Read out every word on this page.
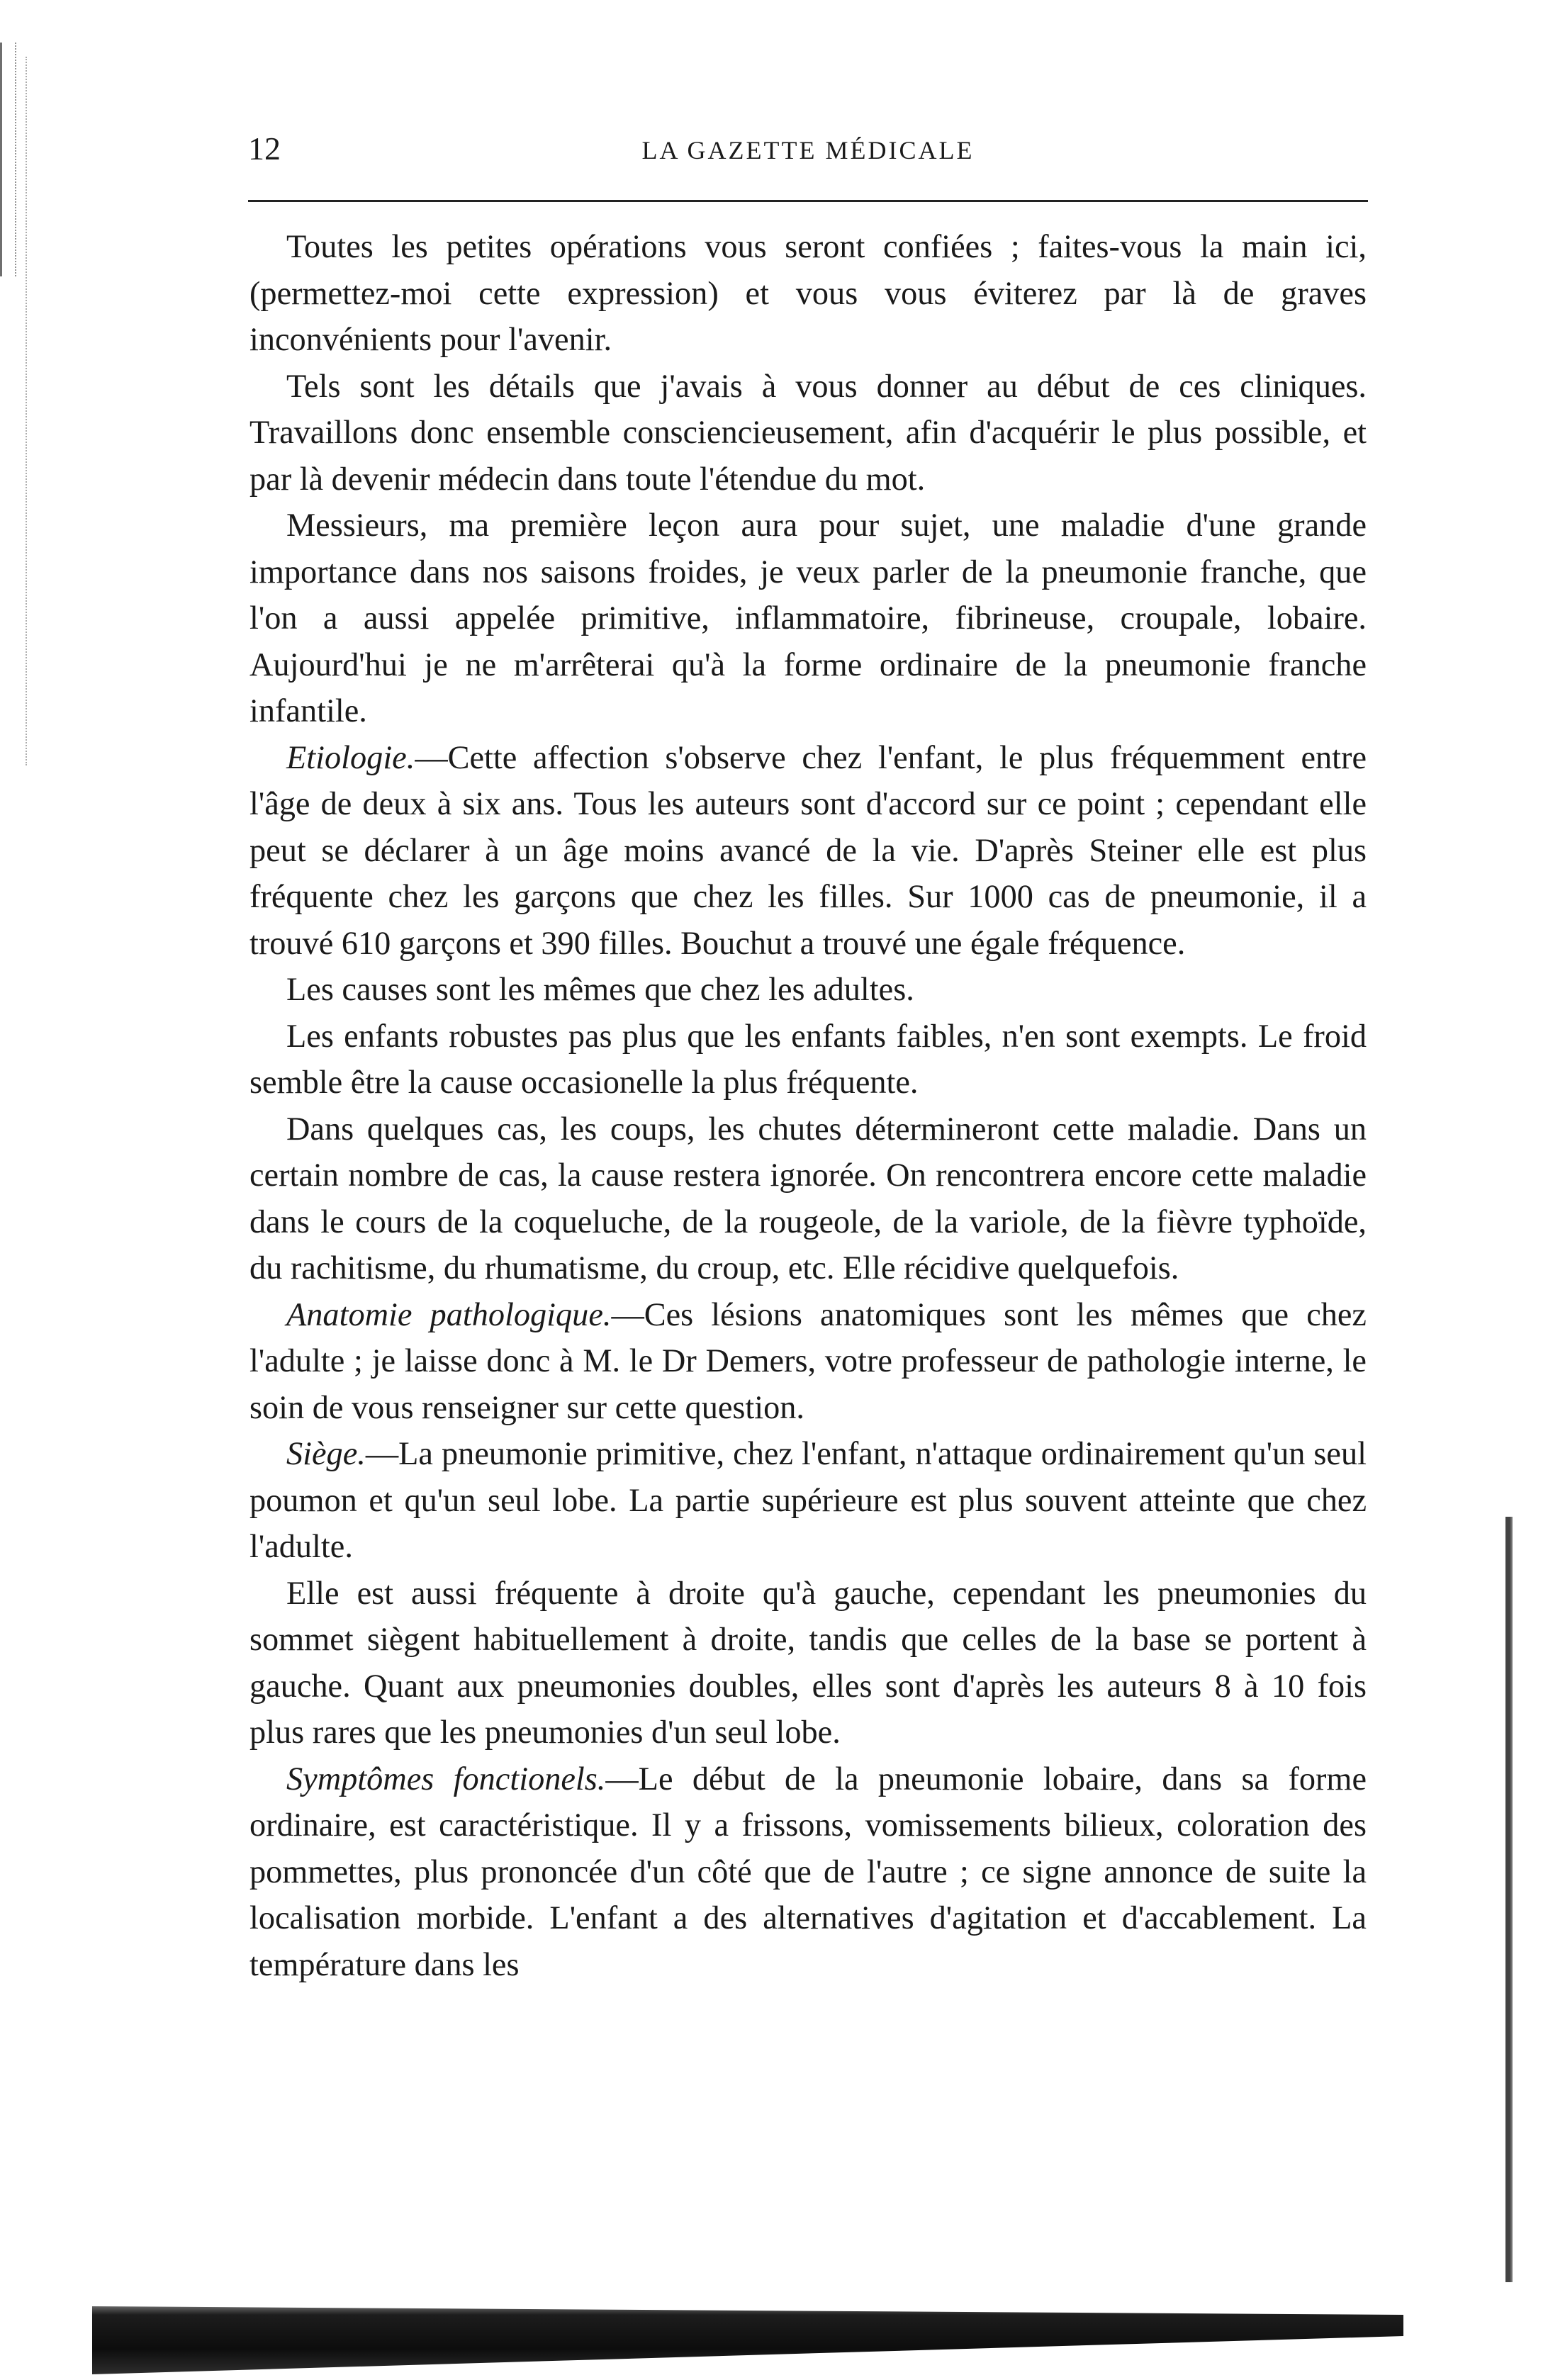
12	LA GAZETTE MÉDICALE

Toutes les petites opérations vous seront confiées ; faites-vous la main ici, (permettez-moi cette expression) et vous vous éviterez par là de graves inconvénients pour l'avenir.

Tels sont les détails que j'avais à vous donner au début de ces cliniques. Travaillons donc ensemble consciencieusement, afin d'acquérir le plus possible, et par là devenir médecin dans toute l'étendue du mot.

Messieurs, ma première leçon aura pour sujet, une maladie d'une grande importance dans nos saisons froides, je veux parler de la pneumonie franche, que l'on a aussi appelée primitive, inflammatoire, fibrineuse, croupale, lobaire. Aujourd'hui je ne m'arrêterai qu'à la forme ordinaire de la pneumonie franche infantile.

Etiologie.—Cette affection s'observe chez l'enfant, le plus fréquemment entre l'âge de deux à six ans. Tous les auteurs sont d'accord sur ce point ; cependant elle peut se déclarer à un âge moins avancé de la vie. D'après Steiner elle est plus fréquente chez les garçons que chez les filles. Sur 1000 cas de pneumonie, il a trouvé 610 garçons et 390 filles. Bouchut a trouvé une égale fréquence.

Les causes sont les mêmes que chez les adultes.

Les enfants robustes pas plus que les enfants faibles, n'en sont exempts. Le froid semble être la cause occasionelle la plus fréquente.

Dans quelques cas, les coups, les chutes détermineront cette maladie. Dans un certain nombre de cas, la cause restera ignorée. On rencontrera encore cette maladie dans le cours de la coqueluche, de la rougeole, de la variole, de la fièvre typhoïde, du rachitisme, du rhumatisme, du croup, etc. Elle récidive quelquefois.

Anatomie pathologique.—Ces lésions anatomiques sont les mêmes que chez l'adulte ; je laisse donc à M. le Dr Demers, votre professeur de pathologie interne, le soin de vous renseigner sur cette question.

Siège.—La pneumonie primitive, chez l'enfant, n'attaque ordinairement qu'un seul poumon et qu'un seul lobe. La partie supérieure est plus souvent atteinte que chez l'adulte.

Elle est aussi fréquente à droite qu'à gauche, cependant les pneumonies du sommet siègent habituellement à droite, tandis que celles de la base se portent à gauche. Quant aux pneumonies doubles, elles sont d'après les auteurs 8 à 10 fois plus rares que les pneumonies d'un seul lobe.

Symptômes fonctionels.—Le début de la pneumonie lobaire, dans sa forme ordinaire, est caractéristique. Il y a frissons, vomissements bilieux, coloration des pommettes, plus prononcée d'un côté que de l'autre ; ce signe annonce de suite la localisation morbide. L'enfant a des alternatives d'agitation et d'accablement. La température dans les
